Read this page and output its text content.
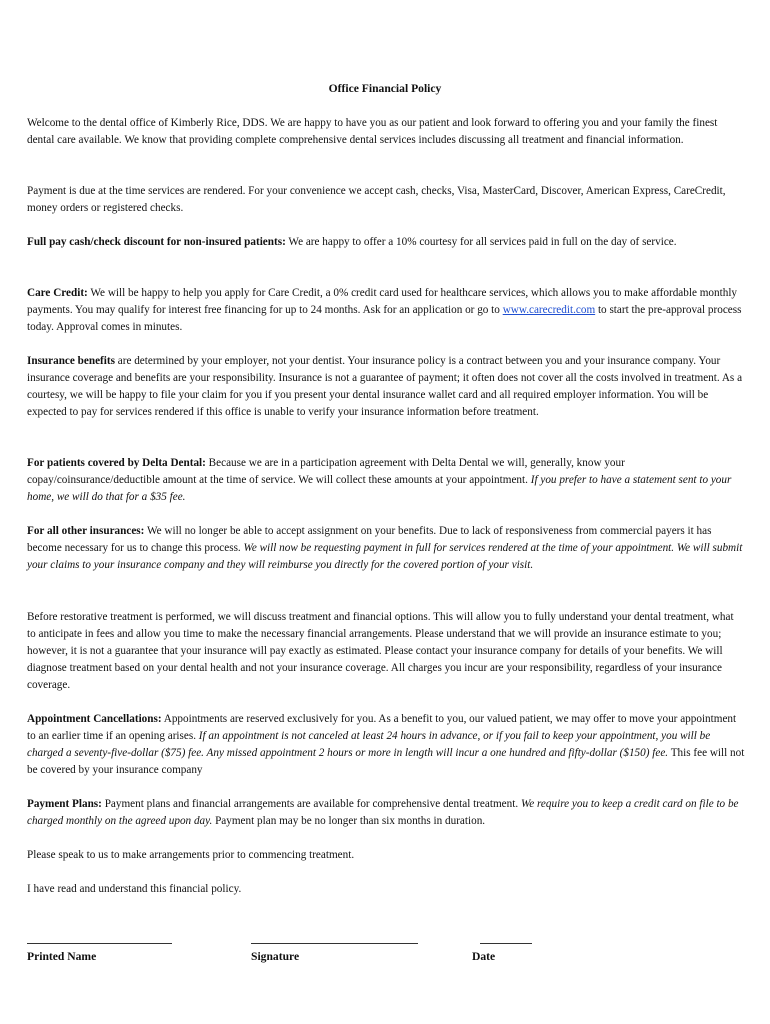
Office Financial Policy

Welcome to the dental office of Kimberly Rice, DDS. We are happy to have you as our patient and look forward to offering you and your family the finest dental care available. We know that providing complete comprehensive dental services includes discussing all treatment and financial information.

Payment is due at the time services are rendered. For your convenience we accept cash, checks, Visa, MasterCard, Discover, American Express, CareCredit, money orders or registered checks.

Full pay cash/check discount for non-insured patients: We are happy to offer a 10% courtesy for all services paid in full on the day of service.

Care Credit: We will be happy to help you apply for Care Credit, a 0% credit card used for healthcare services, which allows you to make affordable monthly payments. You may qualify for interest free financing for up to 24 months. Ask for an application or go to www.carecredit.com to start the pre-approval process today. Approval comes in minutes.

Insurance benefits are determined by your employer, not your dentist. Your insurance policy is a contract between you and your insurance company. Your insurance coverage and benefits are your responsibility. Insurance is not a guarantee of payment; it often does not cover all the costs involved in treatment. As a courtesy, we will be happy to file your claim for you if you present your dental insurance wallet card and all required employer information. You will be expected to pay for services rendered if this office is unable to verify your insurance information before treatment.

For patients covered by Delta Dental: Because we are in a participation agreement with Delta Dental we will, generally, know your copay/coinsurance/deductible amount at the time of service. We will collect these amounts at your appointment. If you prefer to have a statement sent to your home, we will do that for a $35 fee.

For all other insurances: We will no longer be able to accept assignment on your benefits. Due to lack of responsiveness from commercial payers it has become necessary for us to change this process. We will now be requesting payment in full for services rendered at the time of your appointment. We will submit your claims to your insurance company and they will reimburse you directly for the covered portion of your visit.

Before restorative treatment is performed, we will discuss treatment and financial options. This will allow you to fully understand your dental treatment, what to anticipate in fees and allow you time to make the necessary financial arrangements. Please understand that we will provide an insurance estimate to you; however, it is not a guarantee that your insurance will pay exactly as estimated. Please contact your insurance company for details of your benefits. We will diagnose treatment based on your dental health and not your insurance coverage. All charges you incur are your responsibility, regardless of your insurance coverage.

Appointment Cancellations: Appointments are reserved exclusively for you. As a benefit to you, our valued patient, we may offer to move your appointment to an earlier time if an opening arises. If an appointment is not canceled at least 24 hours in advance, or if you fail to keep your appointment, you will be charged a seventy-five-dollar ($75) fee. Any missed appointment 2 hours or more in length will incur a one hundred and fifty-dollar ($150) fee. This fee will not be covered by your insurance company

Payment Plans: Payment plans and financial arrangements are available for comprehensive dental treatment. We require you to keep a credit card on file to be charged monthly on the agreed upon day. Payment plan may be no longer than six months in duration.

Please speak to us to make arrangements prior to commencing treatment.

I have read and understand this financial policy.

Printed Name	Signature	Date
